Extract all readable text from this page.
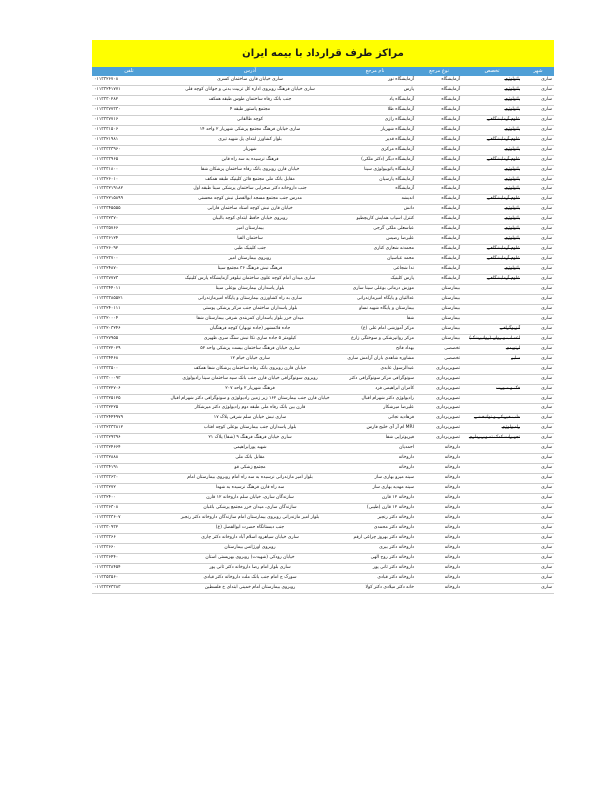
مراکز طرف قرارداد با بیمه ایران
شهر	تخصص	نوع مرجع	نام مرجع	آدرس	تلفن
ساری	پاتولوژی	آزمایشگاه	آزمایشگاه نور	ساری خیابان قارن ساختمان کسری	۰۱۱۳۳۲۶۷۰۸
ساری	پاتولوژی	آزمایشگاه	پارس	ساری خیابان فرهنگ روبروی اداره کل تربیت بدنی و جوانان کوچه قلی	۰۱۱۳۳۲۴۱۷۷۱
ساری	پاتولوژی	آزمایشگاه	آزمایشگاه پاد	جنب بانک رفاه ساختمان طوس طبقه همکف	۰۱۱۳۳۳۰۲۸۲
ساری	پاتولوژی	آزمایشگاه	آزمایشگاه طلا	مجتمع پاستور طبقه ۴	۰۱۱۳۳۳۷۷۳۳۰
ساری	علوم آزمایشگاهی	آزمایشگاه	آزمایشگاه رازی	کوچه طالقانی	۰۱۱۳۳۳۷۷۱۶
ساری	پاتولوژی	آزمایشگاه	آزمایشگاه شهریار	ساری خیابان فرهنگ مجتمع پزشکی شهریار ۲ واحد ۱۴	۰۱۱۳۳۳۱۵۰۶
ساری	علوم آزمایشگاهی	آزمایشگاه	آزمایشگاه قدیر	بلوار کشاورز ابتدای پل شهید تیری	۰۱۱۳۳۲۱۹۸۱
ساری	پاتولوژی	آزمایشگاه	آزمایشگاه مرکزی	شهریار	۰۱۱۳۳۳۳۳۹۶۰
ساری	علوم آزمایشگاهی	آزمایشگاه	آزمایشگاه دیگر (دکتر ملکی)	فرهنگ نرسیده به سه راه قابن	۰۱۱۳۳۳۳۹۶۵
ساری	پاتولوژی	آزمایشگاه	آزمایشگاه پاتوبیولوژی سینا	خیابان قارن روبروی بانک رفاه ساختمان پزشکان شفا	۰۱۱۳۳۳۱۸۰۰
ساری	پاتولوژی	آزمایشگاه	آزمایشگاه پارسیان	مقابل بانک ملی مجتمع قائن کلینیک طبقه همکف	۰۱۱۳۳۲۶۰۱۰
ساری	پاتولوژی	آزمایشگاه	آزمایشگاه	جنب داروخانه دکتر صحرایی ساختمان پزشکی سینا طبقه اول	۰۱۱۳۳۳۲۱۹۱۸۲
ساری	علوم آزمایشگاهی	آزمایشگاه	اندیشه	مدرس جنب مجتمع مسجد ابوالفضل نبش کوچه محسنی	۰۱۱۳۳۲۲۱۵۸۹۹
ساری	پاتولوژی	آزمایشگاه	دانش	خیابان قارن نبش کوچه استاد ساختمان فارابی	۰۱۱۳۳۳۴۵۵۵۵
ساری	پاتولوژی	آزمایشگاه	کنترل اسپاپ همایش کاریچطیو	روبروی خیابان حافظ ابتدای کوچه بالیبان	۰۱۱۳۳۳۲۳۷۰
ساری	پاتولوژی	آزمایشگاه	عباسعلی ملکی گرجی	بیمارستان امیر	۰۱۱۳۳۳۵۷۶۶
ساری	پاتولوژی	آزمایشگاه	علیرضا رضیس	ساختمان الفبا	۰۱۱۳۳۳۶۱۲۴
ساری	علوم آزمایشگاهی	آزمایشگاه	محمدنه شعاری کناری	جنب کلینیک طبی	۰۱۱۳۳۲۶۰۹۲
ساری	علوم آزمایشگاهی	آزمایشگاه	محمد عباسیان	روبروی بیمارستان امیر	۰۱۱۳۳۲۳۷۰۰
ساری	پاتولوژی	آزمایشگاه	ندا شجاعی	فرهنگ نبش فرهنگ ۳۶ مجتمع سینا	۰۱۱۳۳۲۴۸۷۰
ساری	علوم آزمایشگاهی	آزمایشگاه	پارس کلینیک	ساری میدان امام کوچه علوی ساختمان نیلوفر آزمایشگاه پارس کلینیک	۰۱۱۳۳۳۷۷۷۳
ساری		بیمارستان	موزش درمانی بوعلی سینا ساری	بلوار پاسداران بیمارستان بوعلی سینا	۰۱۱۳۳۳۴۴۰۱۱
ساری		بیمارستان	عدالتیان و پایگاه امیرمازندرانی	ساری به راه کشاورزی بیمارستان و پایگاه امیرمازندرانی	۰۱۱۳۳۳۳۸۵۵۲۱
ساری		بیمارستان	بیمارستان و پایگاه شهید نساو	بلوار پاسداران ساختمان جنب مرکز پزشکی پوستی	۰۱۱۳۳۲۴۰۱۱۱
ساری		بیمارستان	شفا	میدان خزر بلوار پاسداران کمربندی شرقی بیمارستان شفا	۰۱۱۳۳۲۰۰۰۴
ساری	آنژیوگرافی	بیمارستان	مرکز آموزشی امام علی (ع)	جاده قائمشهر (جاده نوبهار) کوچه فرهنگیان	۰۱۱۳۳۲۰۳۲۴۶
ساری	اعصاب و روان (روانپزشک)	بیمارستان	مرکز روانپزشکی و سوختگی زارع	کیلومتر ۵ جاده ساری نکا نبش سنگ سری ظهیری	۰۱۱۳۳۲۷۹۵۵
ساری	ارتوپدی	تخصصی	بهداد فاتح	ساری خیابان فرهنگ ساختمان بیست پزشکی واحد ۵۲	۰۱۱۳۳۳۲۲۰۲۹
ساری	سایر	تخصصی	مشاوره شاهدی باران آرامش ساری	ساری خیابان خیام ۱۲	۰۱۱۳۳۳۴۴۶۸
ساری		تصویربرداری	عبدالرسول عابدی	خیابان قارن روبروی بانک رفاه ساختمان پزشکان شفا همکف	۰۱۱۳۳۳۳۵۰۰
ساری		تصویربرداری	سونوگرافی مرکز سونوگرافی دکتر	روبروی سونوگرافی خیابان قارن جنب بانک سپه ساختمان سینا رادیولوژی	۰۱۱۳۳۳۰۰۰۹۳
ساری	فک و صورت	تصویربرداری	کامران ابراهیمی فرد	فرهنگ شهریار ۲ واحد ۲۰۷	۰۱۱۳۳۳۲۲۷۰۶
ساری		تصویربرداری	رادیولوژی دکتر شهرام اقبال	خیابان قارن جنب بیمارستان ۱۶۲ زیر زمین رادیولوژی و سونوگرافی دکتر شهرام اقبال	۰۱۱۳۳۳۲۵۱۲۵
ساری		تصویربرداری	علیرضا میرشکار	قارن بین بانک رفاه ملی طبقه دوم رادیولوژی دکتر میرشکار	۰۱۱۳۳۳۲۲۲۵
ساری	طب فیزیکی و توانبخشی	تصویربرداری	فرهادیه نجاتی	ساری نبش خیابان سلم شرقی پلاک ۱۷	۰۱۱۳۳۲۴۴۴۹۷۹
ساری	رادیولوژی	تصویربرداری	MRI ام آر آی خلیج فارس	بلوار پاسداران جنب بیمارستان بوعلی کوچه افتاب	۰۱۱۳۳۲۳۳۳۸۱۲
ساری	تجهیزات کمک تصویربرداری	تصویربرداری	فیزیوتراپی شفا	ساری خیابان فرهنگ فرهنگ ۹ (شفا) پلاک ۲۱	۰۱۱۳۳۳۲۹۳۹۶
ساری		داروخانه	احمدیان	شهید پورابراهیمی	۰۱۱۳۳۳۲۴۶۶۴
ساری		داروخانه	داروخانه	مقابل بانک ملی	۰۱۱۳۳۳۲۸۸۸
ساری		داروخانه	داروخانه	مجتمع زشکی قو	۰۱۱۳۳۳۴۱۹۱
ساری		داروخانه	سینه میرو بهاری ساز	بلوار امیر مازندرانی نرسیده به سه راه امام روبروی بیمارستان امام	۰۱۱۳۳۳۳۶۳۰
ساری		داروخانه	سینه مهدیه بهاری ساز	سه راه قارن فرهنگ نرسیده به شهدا	۰۱۱۳۳۳۲۷۲
ساری		داروخانه	داروخانه ۱۲ قارن	سازندگان ساری، خیابان سلم داروخانه ۱۲ قارن	۰۱۱۳۳۲۴۰۰
ساری		داروخانه	داروخانه ۱۲ قارن (طیبی)	سازندگان ساری، میدان خزر مجتمع پزشکی باغبان	۰۱۱۳۳۳۶۳۰۸
ساری		داروخانه	داروخانه دکتر رنجبر	بلوار امیر مازندرانی روبروی بیمارستان امام سازندگان داروخانه دکتر رنجبر	۰۱۱۳۳۳۳۳۶۰۷
ساری		داروخانه	داروخانه دکتر محمدی	جنب دبستانگاه حضرت ابوالفضل (ع)	۰۱۱۳۳۳۰۹۳۲
ساری		داروخانه	داروخانه دکتر بهروز چراغی ارقم	ساری خیابان سیاهرود اسلام آباد داروخانه دکتر چاری	۰۱۱۳۳۳۳۶۶
ساری		داروخانه	داروخانه دکتر بیری	روبروی اورژانس بیمارستان	۰۱۱۳۳۳۶۶۰
ساری		داروخانه	داروخانه دکتر روح الهی	خیابان رودکی (شهیدت) روبروی بهزیستی استان	۰۱۱۳۳۳۶۴۴۰
ساری		داروخانه	داروخانه دکتر ثانی پور	ساری بلوار امام رضا داروخانه دکتر ثانی پور	۰۱۱۳۳۳۳۸۴۵۴
ساری		داروخانه	داروخانه دکتر قبادی	سورک ج امام جنب بانک ملت داروخانه دکتر قبادی	۰۱۱۳۳۵۳۵۶۰
ساری		داروخانه	خانه دکتر میلادی دکتر کولا	روبروی بیمارستان امام خمینی ابتدای خ فلسطین	۰۱۱۳۳۳۲۳۳۸۳
